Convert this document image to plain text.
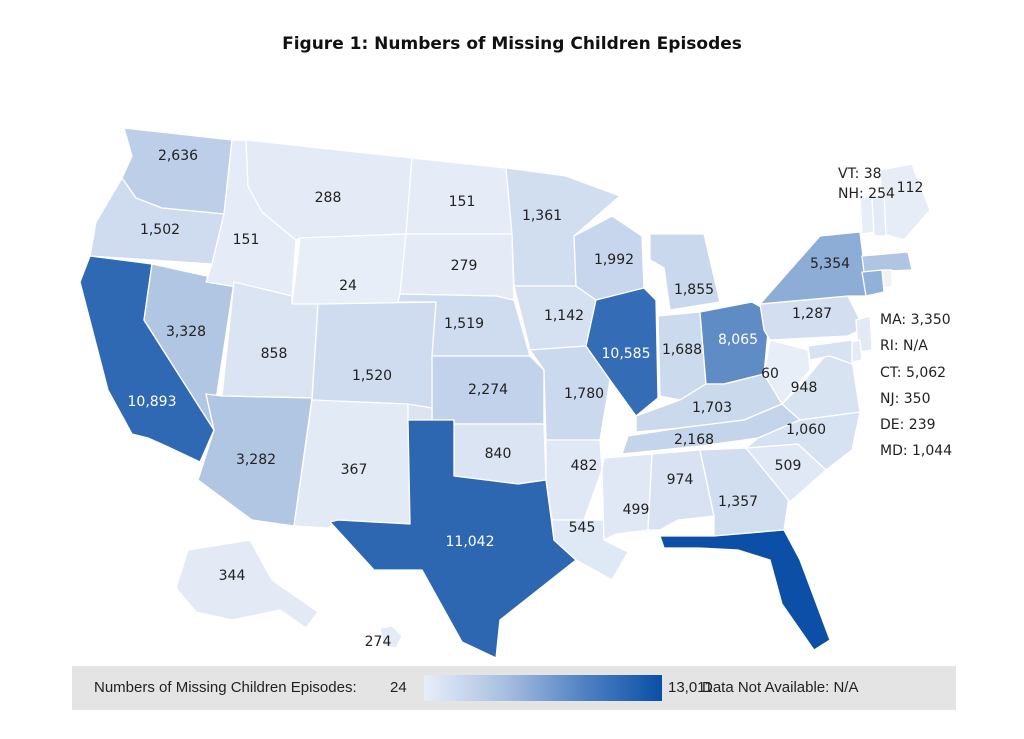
Figure 1: Numbers of Missing Children Episodes
2,636
1,502
10,893
3,328
151
288
24
858
3,282
1,520
367
151
279
1,519
2,274
840
11,042
1,361
1,142
1,780
482
545
1,992
10,585
1,855
1,688
8,065
1,703
2,168
499
974
1,357
13,011
509
1,060
948
60
1,287
5,354
112
344
274
VT: 38
NH: 254
MA: 3,350
RI: N/A
CT: 5,062
NJ: 350
DE: 239
MD: 1,044
Numbers of Missing Children Episodes: 24	13,011
Data Not Available: N/A
